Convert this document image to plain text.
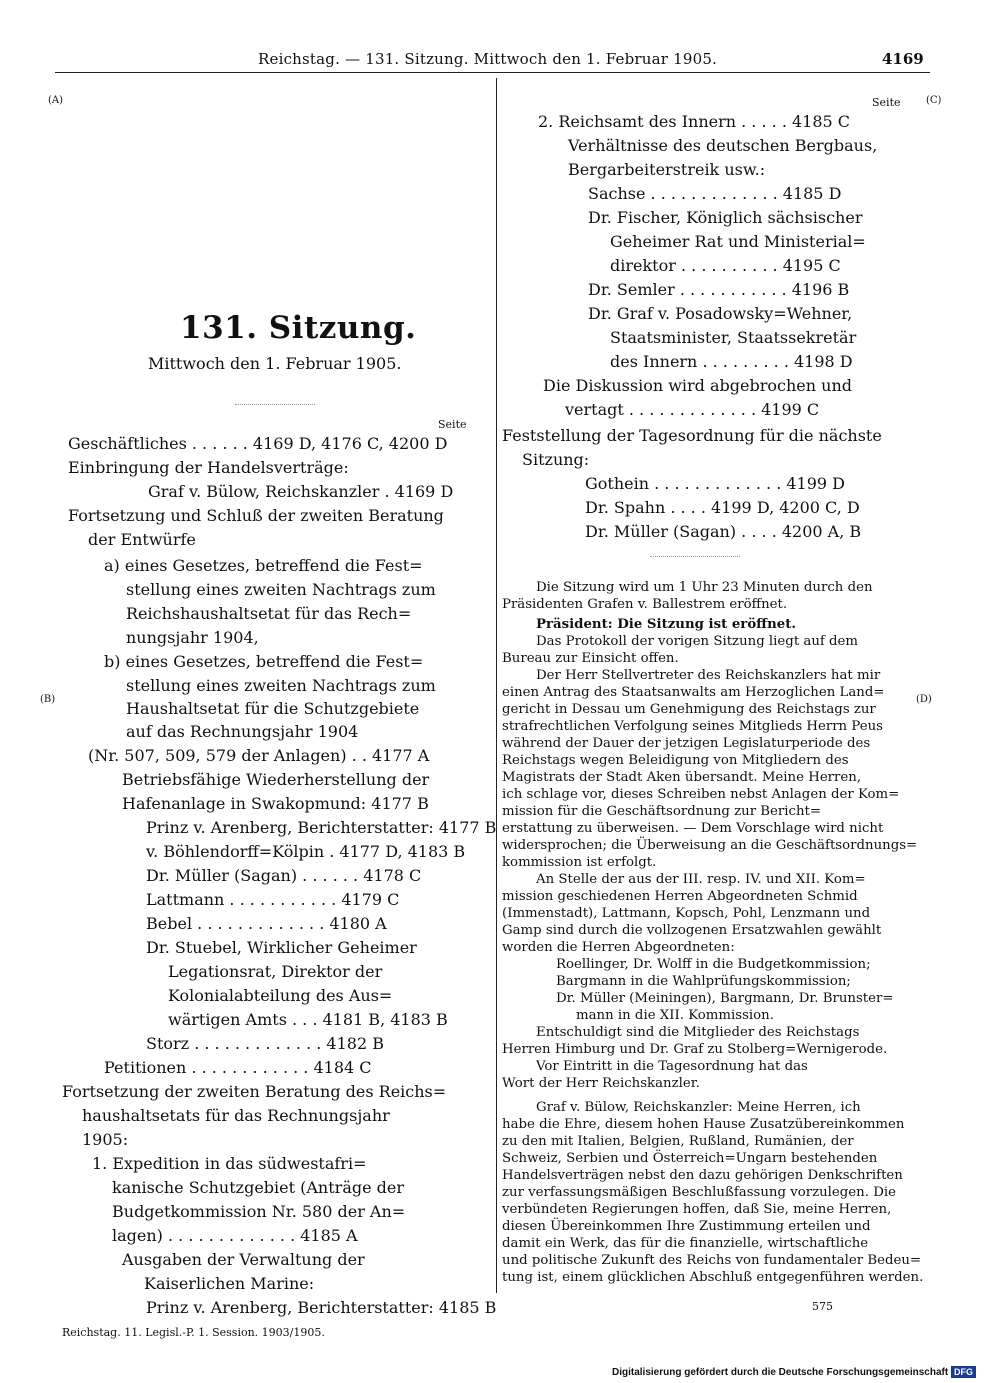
Reichstag. — 131. Sitzung. Mittwoch den 1. Februar 1905.	4169
(A)
(B)
(C)
(D)
131. Sitzung.
Mittwoch den 1. Februar 1905.
Seite
Seite
Geschäftliches . . . . . . 4169 D, 4176 C, 4200 D
Einbringung der Handelsverträge:
Graf v. Bülow, Reichskanzler . 4169 D
Fortsetzung und Schluß der zweiten Beratung
der Entwürfe
a) eines Gesetzes, betreffend die Fest=
stellung eines zweiten Nachtrags zum
Reichshaushaltsetat für das Rech=
nungsjahr 1904,
b) eines Gesetzes, betreffend die Fest=
stellung eines zweiten Nachtrags zum
Haushaltsetat für die Schutzgebiete
auf das Rechnungsjahr 1904
(Nr. 507, 509, 579 der Anlagen) . . 4177 A
Betriebsfähige Wiederherstellung der
Hafenanlage in Swakopmund: 4177 B
Prinz v. Arenberg, Berichterstatter: 4177 B
v. Böhlendorff=Kölpin . 4177 D, 4183 B
Dr. Müller (Sagan) . . . . . . 4178 C
Lattmann . . . . . . . . . . . 4179 C
Bebel . . . . . . . . . . . . . 4180 A
Dr. Stuebel, Wirklicher Geheimer
Legationsrat, Direktor der
Kolonialabteilung des Aus=
wärtigen Amts . . . 4181 B, 4183 B
Storz . . . . . . . . . . . . . 4182 B
Petitionen . . . . . . . . . . . . 4184 C
Fortsetzung der zweiten Beratung des Reichs=
haushaltsetats für das Rechnungsjahr
1905:
1. Expedition in das südwestafri=
kanische Schutzgebiet (Anträge der
Budgetkommission Nr. 580 der An=
lagen) . . . . . . . . . . . . . 4185 A
Ausgaben der Verwaltung der
Kaiserlichen Marine:
Prinz v. Arenberg, Berichterstatter: 4185 B
Reichstag. 11. Legisl.-P. 1. Session. 1903/1905.
2. Reichsamt des Innern . . . . . 4185 C
Verhältnisse des deutschen Bergbaus,
Bergarbeiterstreik usw.:
Sachse . . . . . . . . . . . . . 4185 D
Dr. Fischer, Königlich sächsischer
Geheimer Rat und Ministerial=
direktor . . . . . . . . . . 4195 C
Dr. Semler . . . . . . . . . . . 4196 B
Dr. Graf v. Posadowsky=Wehner,
Staatsminister, Staatssekretär
des Innern . . . . . . . . . 4198 D
Die Diskussion wird abgebrochen und
vertagt . . . . . . . . . . . . . 4199 C
Feststellung der Tagesordnung für die nächste
Sitzung:
Gothein . . . . . . . . . . . . . 4199 D
Dr. Spahn . . . . 4199 D, 4200 C, D
Dr. Müller (Sagan) . . . . 4200 A, B
Die Sitzung wird um 1 Uhr 23 Minuten durch den
Präsidenten Grafen v. Ballestrem eröffnet.
Präsident: Die Sitzung ist eröffnet.
Das Protokoll der vorigen Sitzung liegt auf dem
Bureau zur Einsicht offen.
Der Herr Stellvertreter des Reichskanzlers hat mir
einen Antrag des Staatsanwalts am Herzoglichen Land=
gericht in Dessau um Genehmigung des Reichstags zur
strafrechtlichen Verfolgung seines Mitglieds Herrn Peus
während der Dauer der jetzigen Legislaturperiode des
Reichstags wegen Beleidigung von Mitgliedern des
Magistrats der Stadt Aken übersandt. Meine Herren,
ich schlage vor, dieses Schreiben nebst Anlagen der Kom=
mission für die Geschäftsordnung zur Bericht=
erstattung zu überweisen. — Dem Vorschlage wird nicht
widersprochen; die Überweisung an die Geschäftsordnungs=
kommission ist erfolgt.
An Stelle der aus der III. resp. IV. und XII. Kom=
mission geschiedenen Herren Abgeordneten Schmid
(Immenstadt), Lattmann, Kopsch, Pohl, Lenzmann und
Gamp sind durch die vollzogenen Ersatzwahlen gewählt
worden die Herren Abgeordneten:
Roellinger, Dr. Wolff in die Budgetkommission;
Bargmann in die Wahlprüfungskommission;
Dr. Müller (Meiningen), Bargmann, Dr. Brunster=
mann in die XII. Kommission.
Entschuldigt sind die Mitglieder des Reichstags
Herren Himburg und Dr. Graf zu Stolberg=Wernigerode.
Vor Eintritt in die Tagesordnung hat das
Wort der Herr Reichskanzler.
Graf v. Bülow, Reichskanzler: Meine Herren, ich
habe die Ehre, diesem hohen Hause Zusatzübereinkommen
zu den mit Italien, Belgien, Rußland, Rumänien, der
Schweiz, Serbien und Österreich=Ungarn bestehenden
Handelsverträgen nebst den dazu gehörigen Denkschriften
zur verfassungsmäßigen Beschlußfassung vorzulegen. Die
verbündeten Regierungen hoffen, daß Sie, meine Herren,
diesen Übereinkommen Ihre Zustimmung erteilen und
damit ein Werk, das für die finanzielle, wirtschaftliche
und politische Zukunft des Reichs von fundamentaler Bedeu=
tung ist, einem glücklichen Abschluß entgegenführen werden.
575
Digitalisierung gefördert durch die Deutsche Forschungsgemeinschaft DFG
